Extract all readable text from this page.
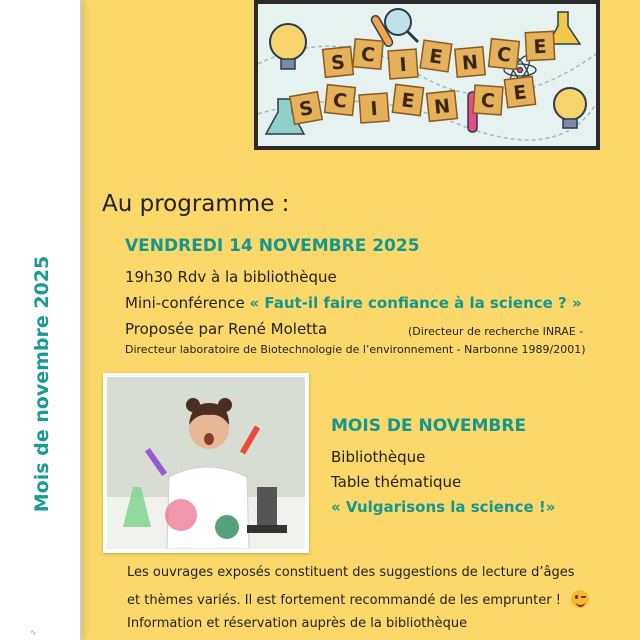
Mois de novembre 2025
∿
S C I E N C E
S C I E N C E
Au programme :
VENDREDI 14 NOVEMBRE 2025
19h30 Rdv à la bibliothèque
Mini-conférence « Faut-il faire confiance à la science ? »
Proposée par René Moletta	(Directeur de recherche INRAE -
Directeur laboratoire de Biotechnologie de l’environnement - Narbonne 1989/2001)
MOIS DE NOVEMBRE
Bibliothèque
Table thématique
« Vulgarisons la science !»
Les ouvrages exposés constituent des suggestions de lecture d’âges
et thèmes variés. Il est fortement recommandé de les emprunter !
Information et réservation auprès de la bibliothèque
